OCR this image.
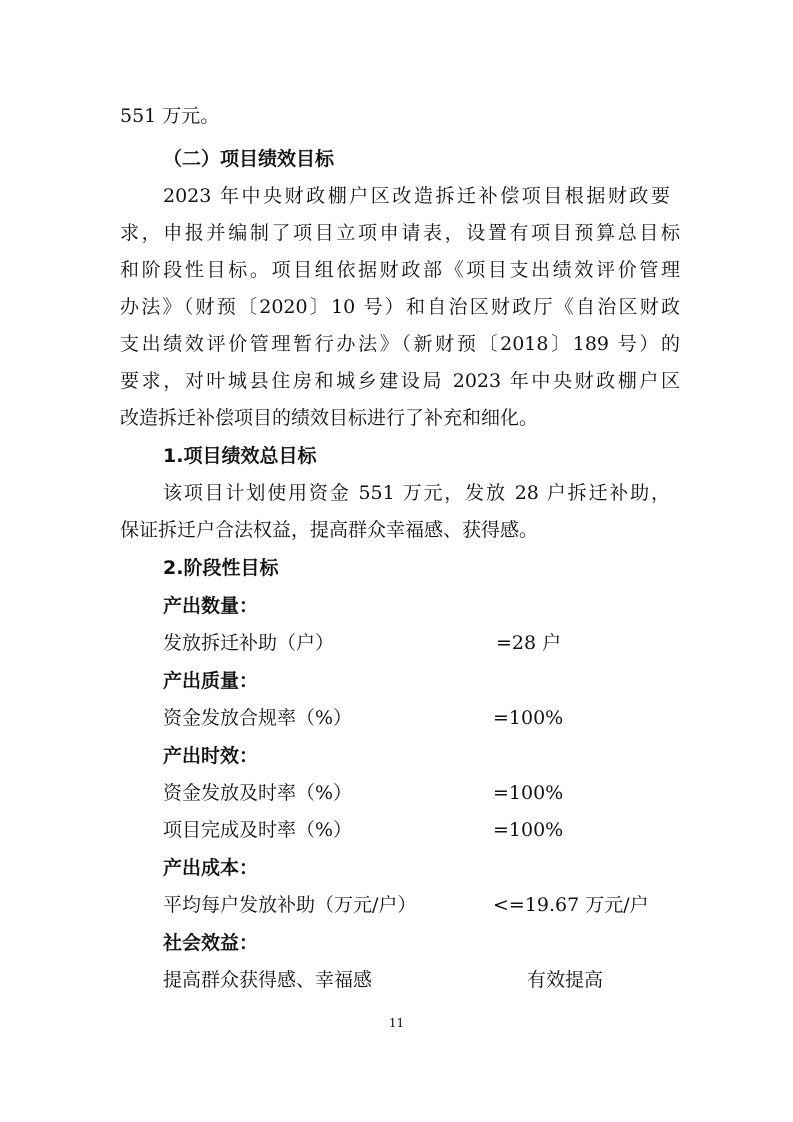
551 万元。
（二）项目绩效目标
2023 年中央财政棚户区改造拆迁补偿项目根据财政要
求，申报并编制了项目立项申请表，设置有项目预算总目标
和阶段性目标。项目组依据财政部《项目支出绩效评价管理
办法》（财预〔2020〕10 号）和自治区财政厅《自治区财政
支出绩效评价管理暂行办法》（新财预〔2018〕189 号）的
要求，对叶城县住房和城乡建设局 2023 年中央财政棚户区
改造拆迁补偿项目的绩效目标进行了补充和细化。
1.项目绩效总目标
该项目计划使用资金 551 万元，发放 28 户拆迁补助，
保证拆迁户合法权益，提高群众幸福感、获得感。
2.阶段性目标
产出数量：
发放拆迁补助（户）	=28 户
产出质量：
资金发放合规率（%）	=100%
产出时效：
资金发放及时率（%）	=100%
项目完成及时率（%）	=100%
产出成本：
平均每户发放补助（万元/户）	<=19.67 万元/户
社会效益：
提高群众获得感、幸福感	有效提高
11
